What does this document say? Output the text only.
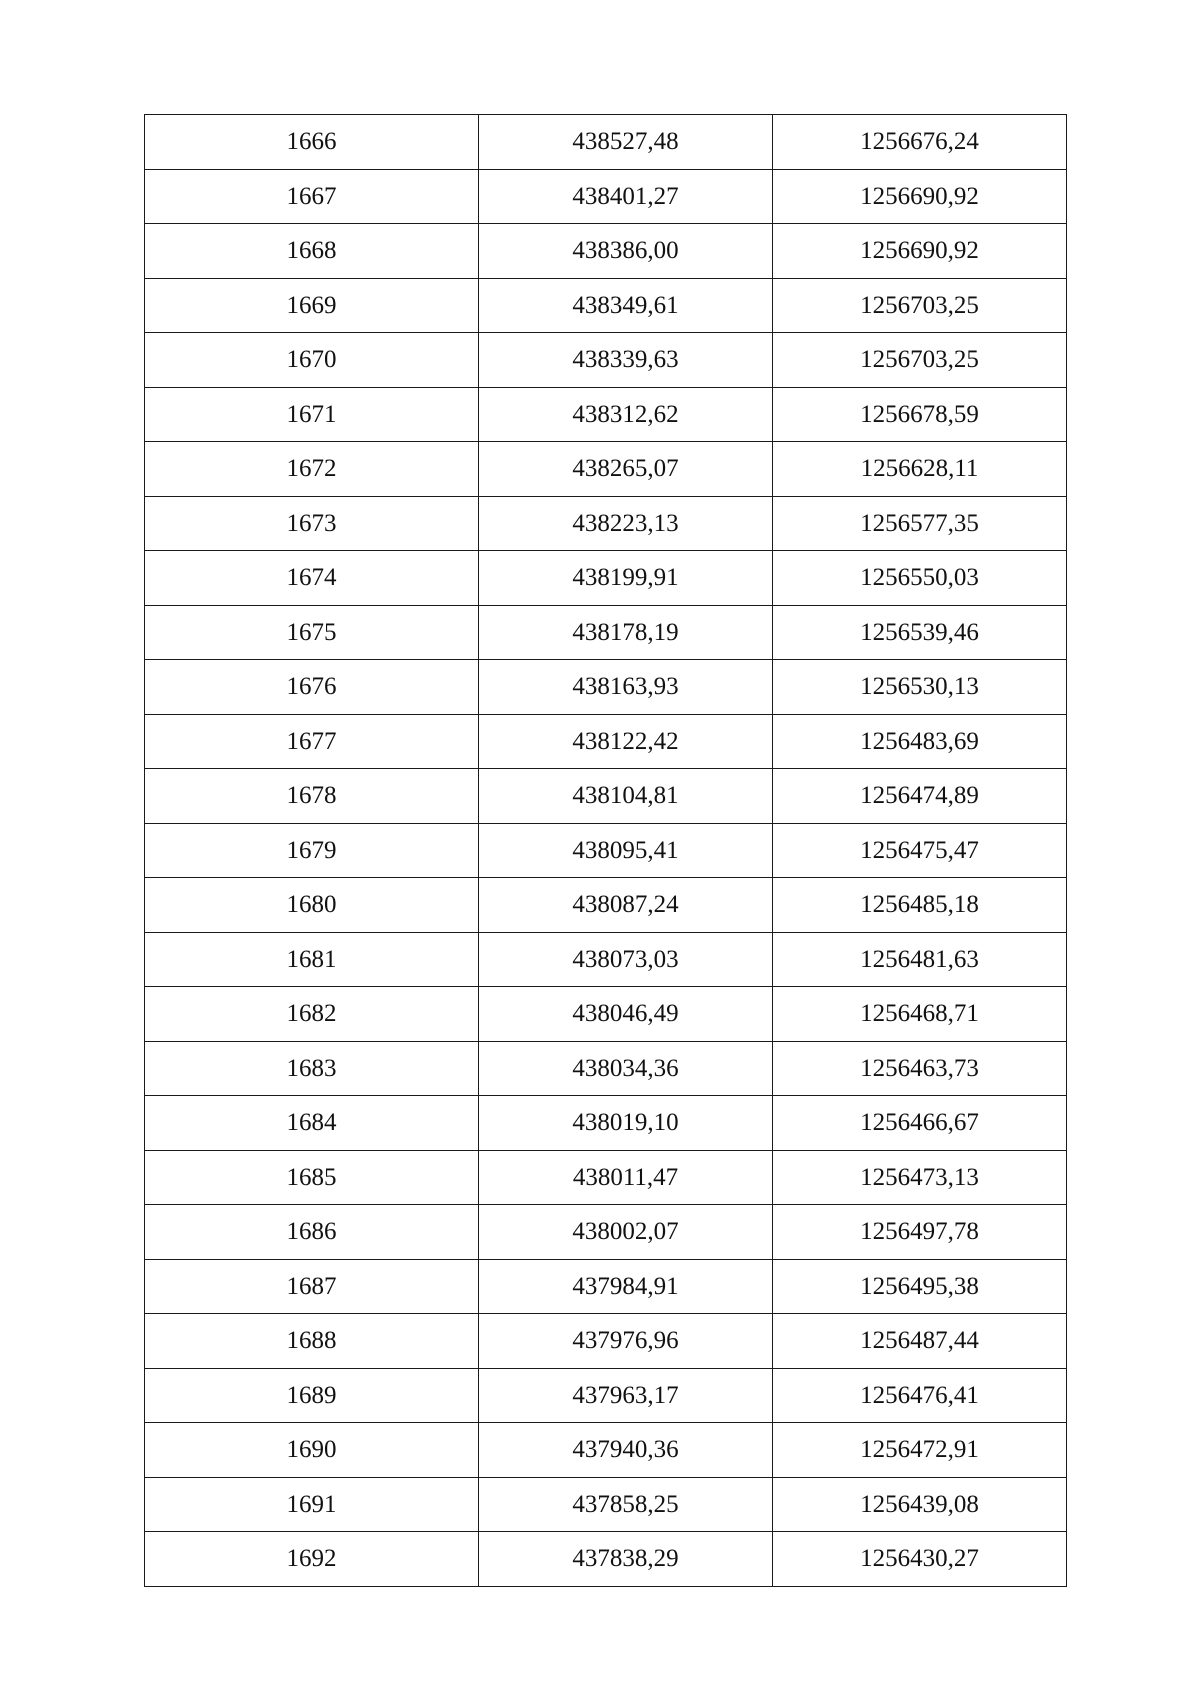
1666	438527,48	1256676,24
1667	438401,27	1256690,92
1668	438386,00	1256690,92
1669	438349,61	1256703,25
1670	438339,63	1256703,25
1671	438312,62	1256678,59
1672	438265,07	1256628,11
1673	438223,13	1256577,35
1674	438199,91	1256550,03
1675	438178,19	1256539,46
1676	438163,93	1256530,13
1677	438122,42	1256483,69
1678	438104,81	1256474,89
1679	438095,41	1256475,47
1680	438087,24	1256485,18
1681	438073,03	1256481,63
1682	438046,49	1256468,71
1683	438034,36	1256463,73
1684	438019,10	1256466,67
1685	438011,47	1256473,13
1686	438002,07	1256497,78
1687	437984,91	1256495,38
1688	437976,96	1256487,44
1689	437963,17	1256476,41
1690	437940,36	1256472,91
1691	437858,25	1256439,08
1692	437838,29	1256430,27
